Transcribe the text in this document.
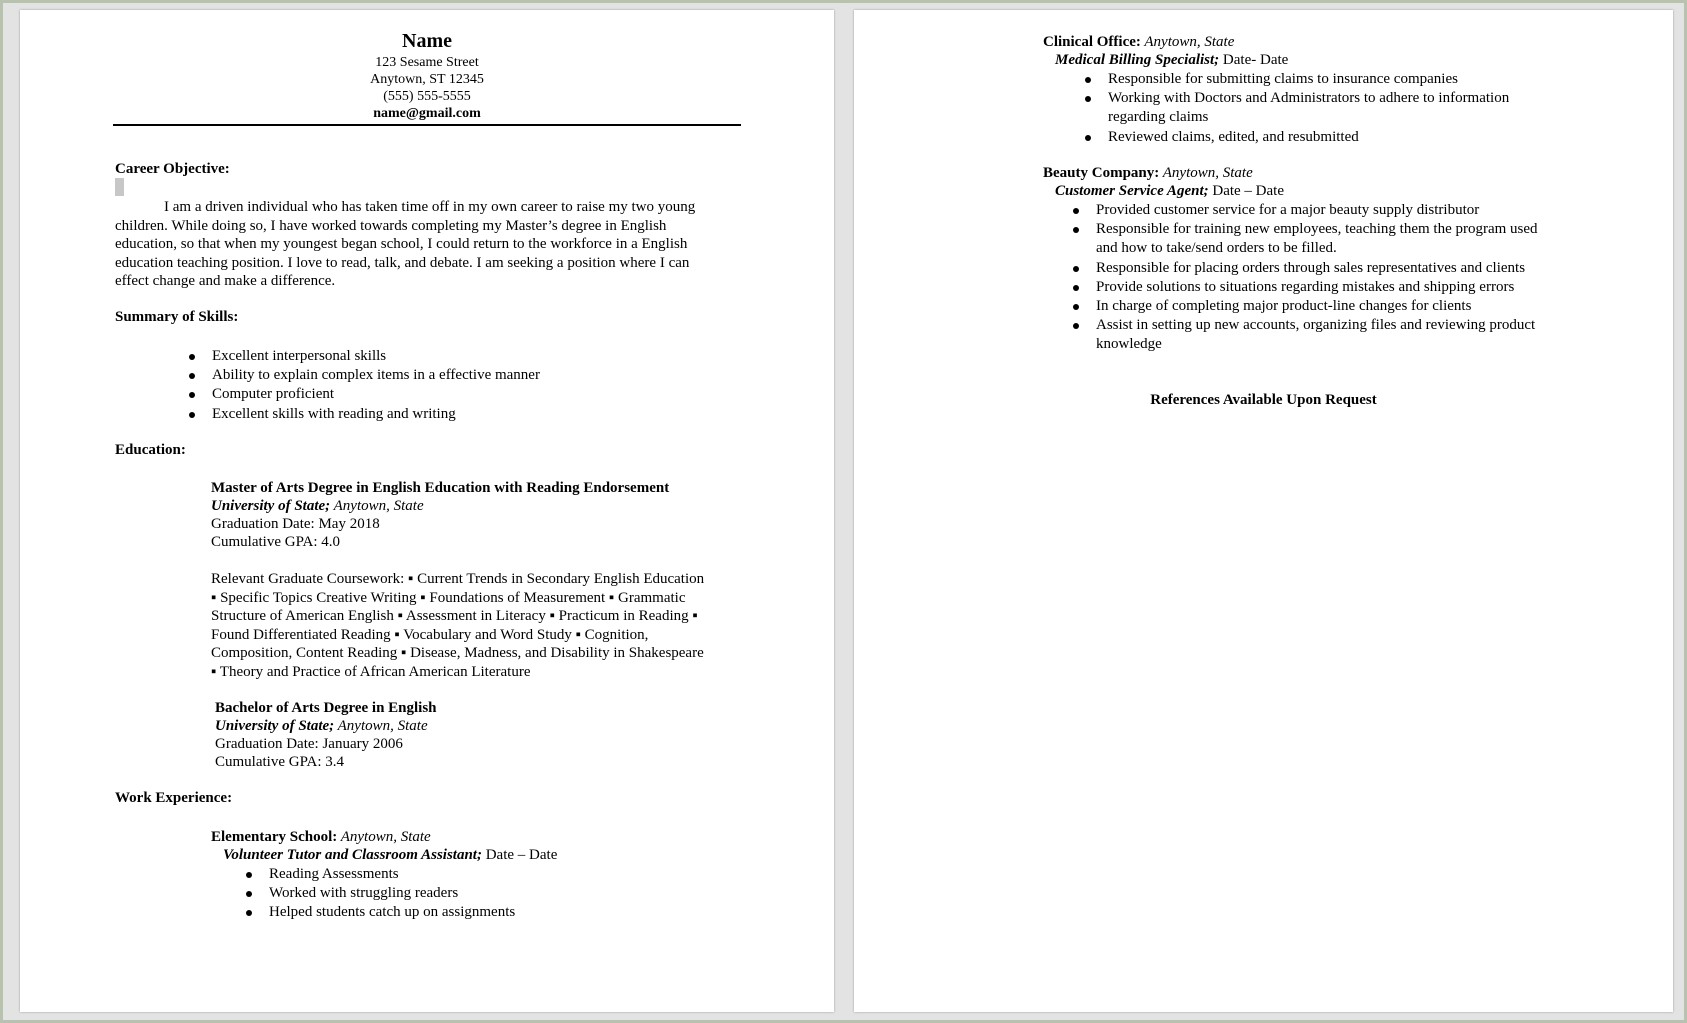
Name
123 Sesame Street
Anytown, ST 12345
(555) 555-5555
name@gmail.com
Career Objective:
I am a driven individual who has taken time off in my own career to raise my two young
children. While doing so, I have worked towards completing my Master’s degree in English
education, so that when my youngest began school, I could return to the workforce in a English
education teaching position. I love to read, talk, and debate. I am seeking a position where I can
effect change and make a difference.
Summary of Skills:
Excellent interpersonal skills
Ability to explain complex items in a effective manner
Computer proficient
Excellent skills with reading and writing
Education:
Master of Arts Degree in English Education with Reading Endorsement
University of State; Anytown, State
Graduation Date: May 2018
Cumulative GPA: 4.0
Relevant Graduate Coursework: ▪ Current Trends in Secondary English Education
▪ Specific Topics Creative Writing ▪ Foundations of Measurement ▪ Grammatic
Structure of American English ▪ Assessment in Literacy ▪ Practicum in Reading ▪
Found Differentiated Reading ▪ Vocabulary and Word Study ▪ Cognition,
Composition, Content Reading ▪ Disease, Madness, and Disability in Shakespeare
▪ Theory and Practice of African American Literature
Bachelor of Arts Degree in English
University of State; Anytown, State
Graduation Date: January 2006
Cumulative GPA: 3.4
Work Experience:
Elementary School: Anytown, State
Volunteer Tutor and Classroom Assistant; Date – Date
Reading Assessments
Worked with struggling readers
Helped students catch up on assignments
Clinical Office: Anytown, State
Medical Billing Specialist; Date- Date
Responsible for submitting claims to insurance companies
Working with Doctors and Administrators to adhere to information
regarding claims
Reviewed claims, edited, and resubmitted
Beauty Company: Anytown, State
Customer Service Agent; Date – Date
Provided customer service for a major beauty supply distributor
Responsible for training new employees, teaching them the program used
and how to take/send orders to be filled.
Responsible for placing orders through sales representatives and clients
Provide solutions to situations regarding mistakes and shipping errors
In charge of completing major product-line changes for clients
Assist in setting up new accounts, organizing files and reviewing product
knowledge
References Available Upon Request
